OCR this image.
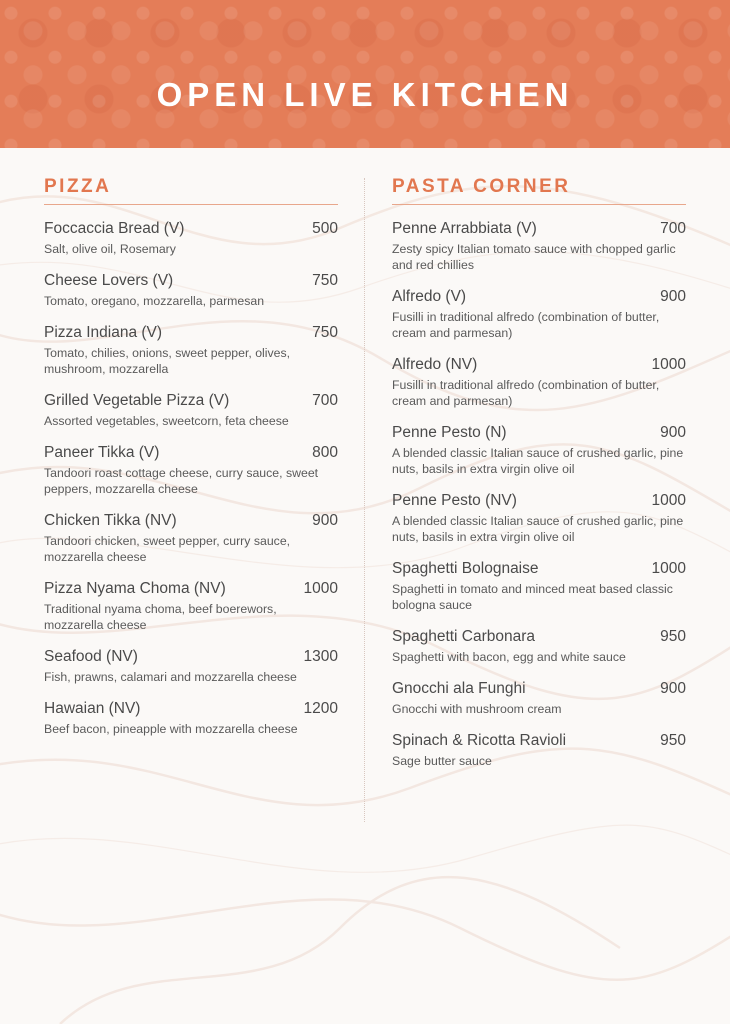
OPEN LIVE KITCHEN
PIZZA
Foccaccia Bread (V)	500
Salt, olive oil, Rosemary
Cheese Lovers (V)	750
Tomato, oregano, mozzarella, parmesan
Pizza Indiana (V)	750
Tomato, chilies, onions, sweet pepper, olives, mushroom, mozzarella
Grilled Vegetable Pizza (V)	700
Assorted vegetables, sweetcorn, feta cheese
Paneer Tikka (V)	800
Tandoori roast cottage cheese, curry sauce, sweet peppers, mozzarella cheese
Chicken Tikka (NV)	900
Tandoori chicken, sweet pepper, curry sauce, mozzarella cheese
Pizza Nyama Choma (NV)	1000
Traditional nyama choma, beef boerewors, mozzarella cheese
Seafood (NV)	1300
Fish, prawns, calamari and mozzarella cheese
Hawaian (NV)	1200
Beef bacon, pineapple with mozzarella cheese
PASTA CORNER
Penne Arrabbiata (V)	700
Zesty spicy Italian tomato sauce with chopped garlic and red chillies
Alfredo (V)	900
Fusilli in traditional alfredo (combination of butter, cream and parmesan)
Alfredo (NV)	1000
Fusilli in traditional alfredo (combination of butter, cream and parmesan)
Penne Pesto (N)	900
A blended classic Italian sauce of crushed garlic, pine nuts, basils in extra virgin olive oil
Penne Pesto (NV)	1000
A blended classic Italian sauce of crushed garlic, pine nuts, basils in extra virgin olive oil
Spaghetti Bolognaise	1000
Spaghetti in tomato and minced meat based classic bologna sauce
Spaghetti Carbonara	950
Spaghetti with bacon, egg and white sauce
Gnocchi ala Funghi	900
Gnocchi with mushroom cream
Spinach & Ricotta Ravioli	950
Sage butter sauce
